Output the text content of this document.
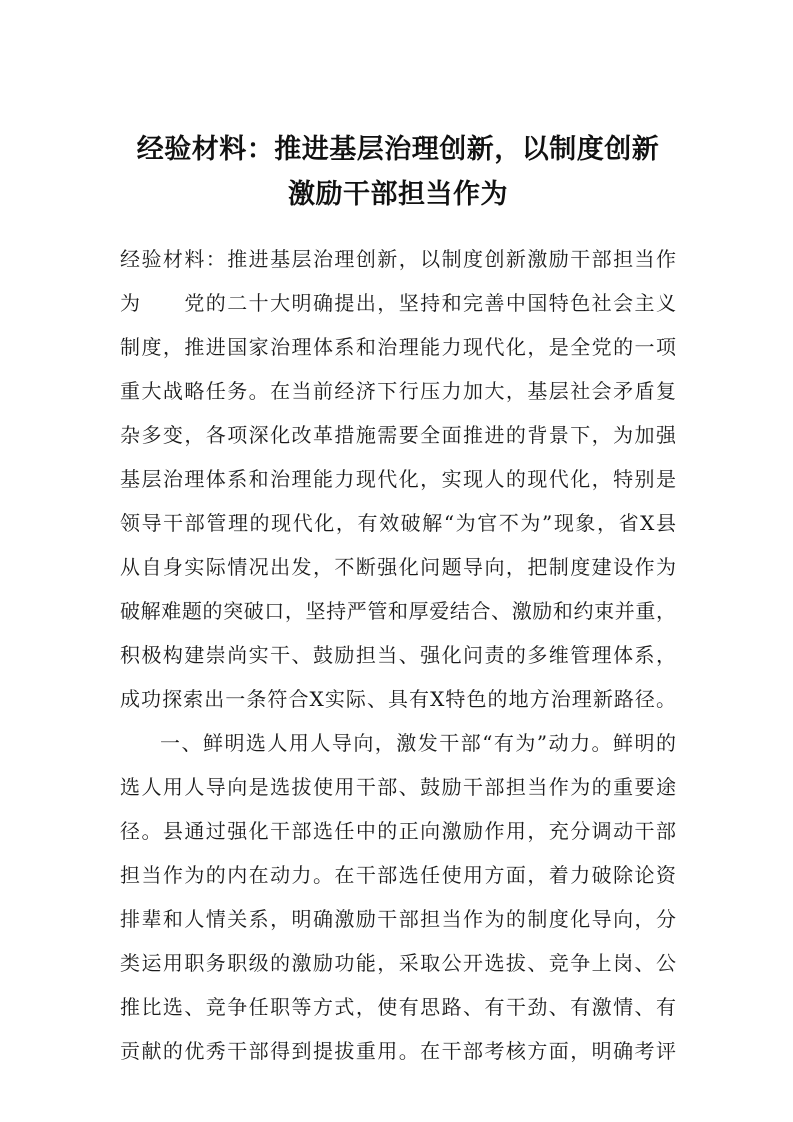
经验材料：推进基层治理创新，以制度创新
激励干部担当作为
经验材料：推进基层治理创新，以制度创新激励干部担当作
为　　党的二十大明确提出，坚持和完善中国特色社会主义
制度，推进国家治理体系和治理能力现代化，是全党的一项
重大战略任务。在当前经济下行压力加大，基层社会矛盾复
杂多变，各项深化改革措施需要全面推进的背景下，为加强
基层治理体系和治理能力现代化，实现人的现代化，特别是
领导干部管理的现代化，有效破解“为官不为”现象，省X县
从自身实际情况出发，不断强化问题导向，把制度建设作为
破解难题的突破口，坚持严管和厚爱结合、激励和约束并重，
积极构建崇尚实干、鼓励担当、强化问责的多维管理体系，
成功探索出一条符合X实际、具有X特色的地方治理新路径。
一、鲜明选人用人导向，激发干部“有为”动力。鲜明的
选人用人导向是选拔使用干部、鼓励干部担当作为的重要途
径。县通过强化干部选任中的正向激励作用，充分调动干部
担当作为的内在动力。在干部选任使用方面，着力破除论资
排辈和人情关系，明确激励干部担当作为的制度化导向，分
类运用职务职级的激励功能，采取公开选拔、竞争上岗、公
推比选、竞争任职等方式，使有思路、有干劲、有激情、有
贡献的优秀干部得到提拔重用。在干部考核方面，明确考评
